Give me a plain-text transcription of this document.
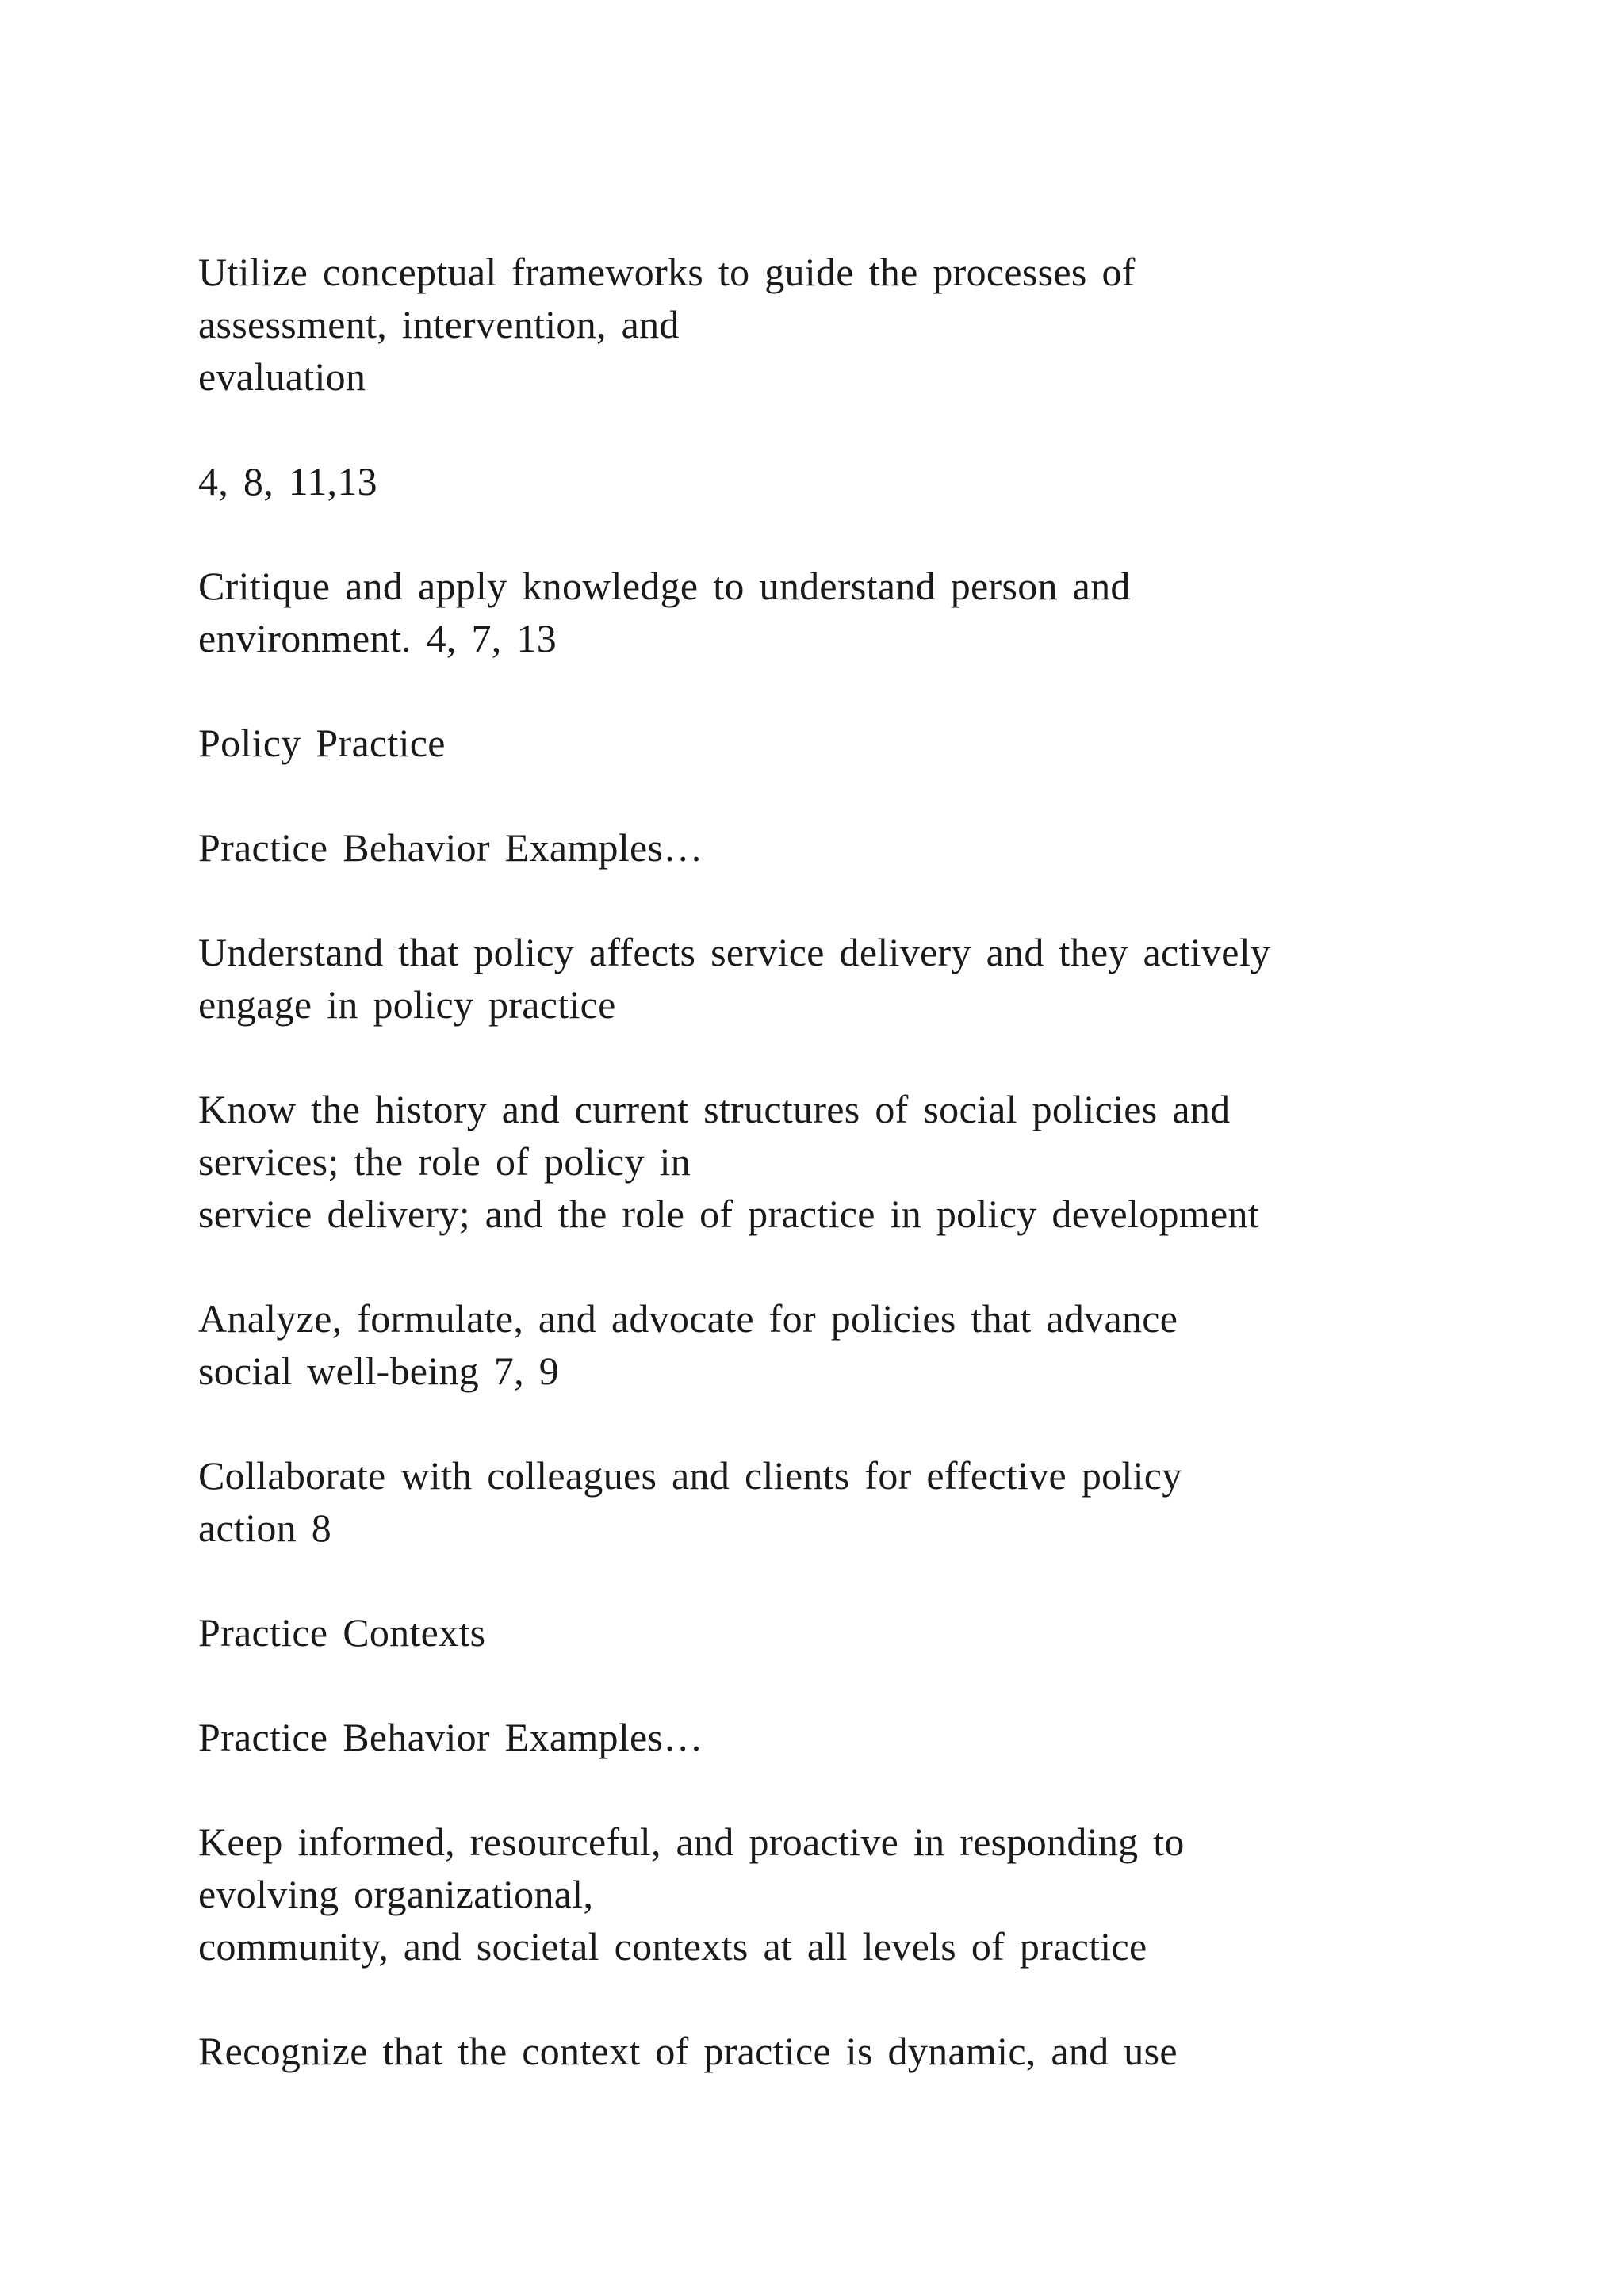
Utilize conceptual frameworks to guide the processes of
assessment, intervention, and
evaluation

4, 8, 11,13

Critique and apply knowledge to understand person and
environment. 4, 7, 13

Policy Practice

Practice Behavior Examples…

Understand that policy affects service delivery and they actively
engage in policy practice

Know the history and current structures of social policies and
services; the role of policy in
service delivery; and the role of practice in policy development

Analyze, formulate, and advocate for policies that advance
social well-being 7, 9

Collaborate with colleagues and clients for effective policy
action 8

Practice Contexts

Practice Behavior Examples…

Keep informed, resourceful, and proactive in responding to
evolving organizational,
community, and societal contexts at all levels of practice

Recognize that the context of practice is dynamic, and use
